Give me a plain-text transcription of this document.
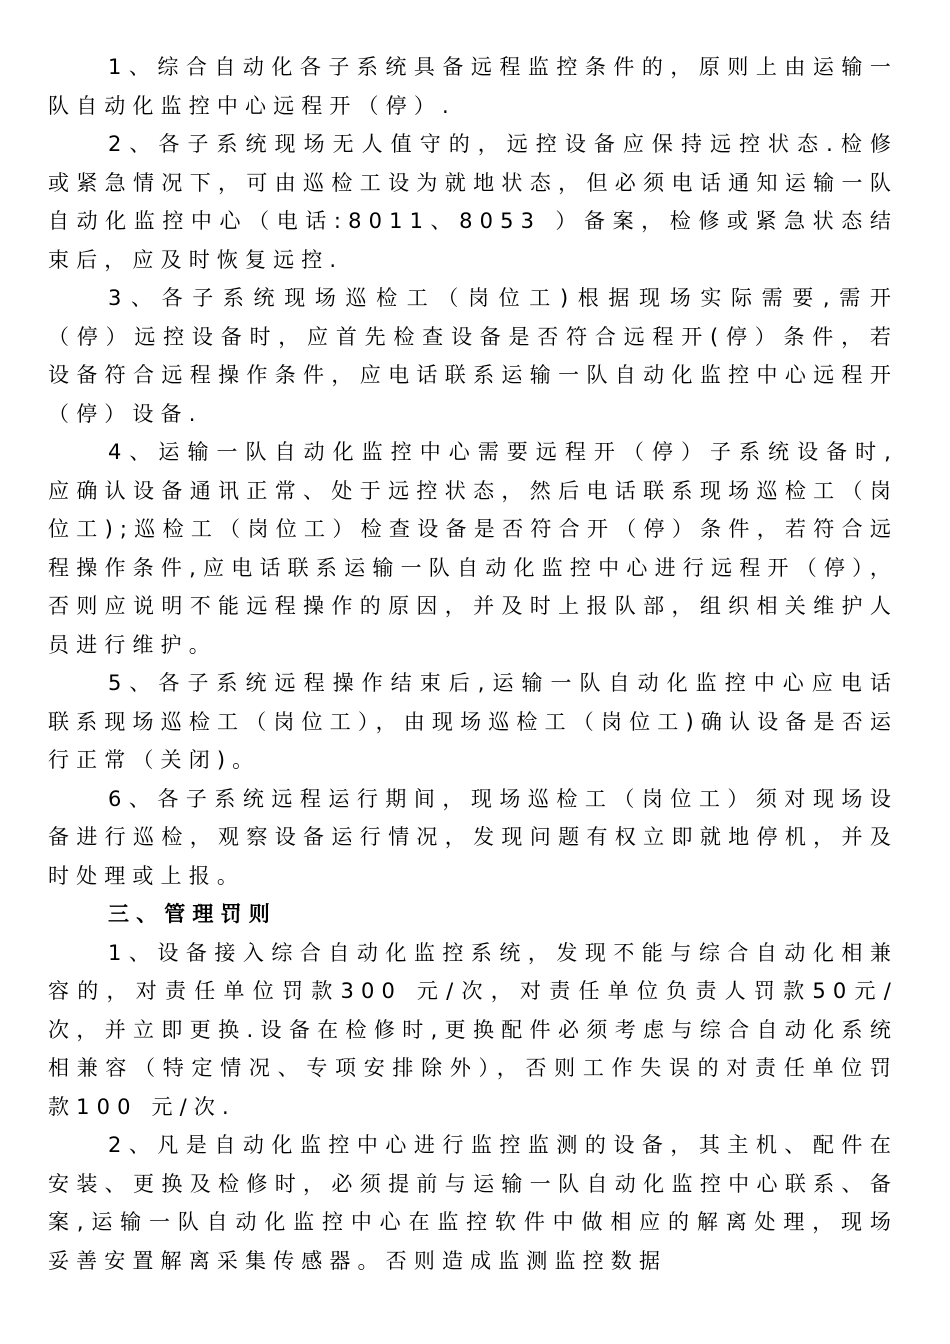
1、综合自动化各子系统具备远程监控条件的，原则上由运输一队自动化监控中心远程开（停）.

2、各子系统现场无人值守的，远控设备应保持远控状态.检修或紧急情况下，可由巡检工设为就地状态，但必须电话通知运输一队自动化监控中心（电话:8011、8053 ）备案，检修或紧急状态结束后，应及时恢复远控.

3、各子系统现场巡检工（岗位工)根据现场实际需要,需开（停）远控设备时，应首先检查设备是否符合远程开(停）条件，若设备符合远程操作条件，应电话联系运输一队自动化监控中心远程开（停）设备.

4、运输一队自动化监控中心需要远程开（停）子系统设备时,应确认设备通讯正常、处于远控状态，然后电话联系现场巡检工（岗位工);巡检工（岗位工）检查设备是否符合开（停）条件，若符合远程操作条件,应电话联系运输一队自动化监控中心进行远程开（停），否则应说明不能远程操作的原因，并及时上报队部，组织相关维护人员进行维护。

5、各子系统远程操作结束后,运输一队自动化监控中心应电话联系现场巡检工（岗位工），由现场巡检工（岗位工)确认设备是否运行正常（关闭)。

6、各子系统远程运行期间，现场巡检工（岗位工）须对现场设备进行巡检，观察设备运行情况，发现问题有权立即就地停机，并及时处理或上报。

三、管理罚则

1、设备接入综合自动化监控系统，发现不能与综合自动化相兼容的，对责任单位罚款300 元/次，对责任单位负责人罚款50元/次，并立即更换.设备在检修时,更换配件必须考虑与综合自动化系统相兼容（特定情况、专项安排除外），否则工作失误的对责任单位罚款100 元/次.

2、凡是自动化监控中心进行监控监测的设备，其主机、配件在安装、更换及检修时，必须提前与运输一队自动化监控中心联系、备案,运输一队自动化监控中心在监控软件中做相应的解离处理，现场妥善安置解离采集传感器。否则造成监测监控数据
